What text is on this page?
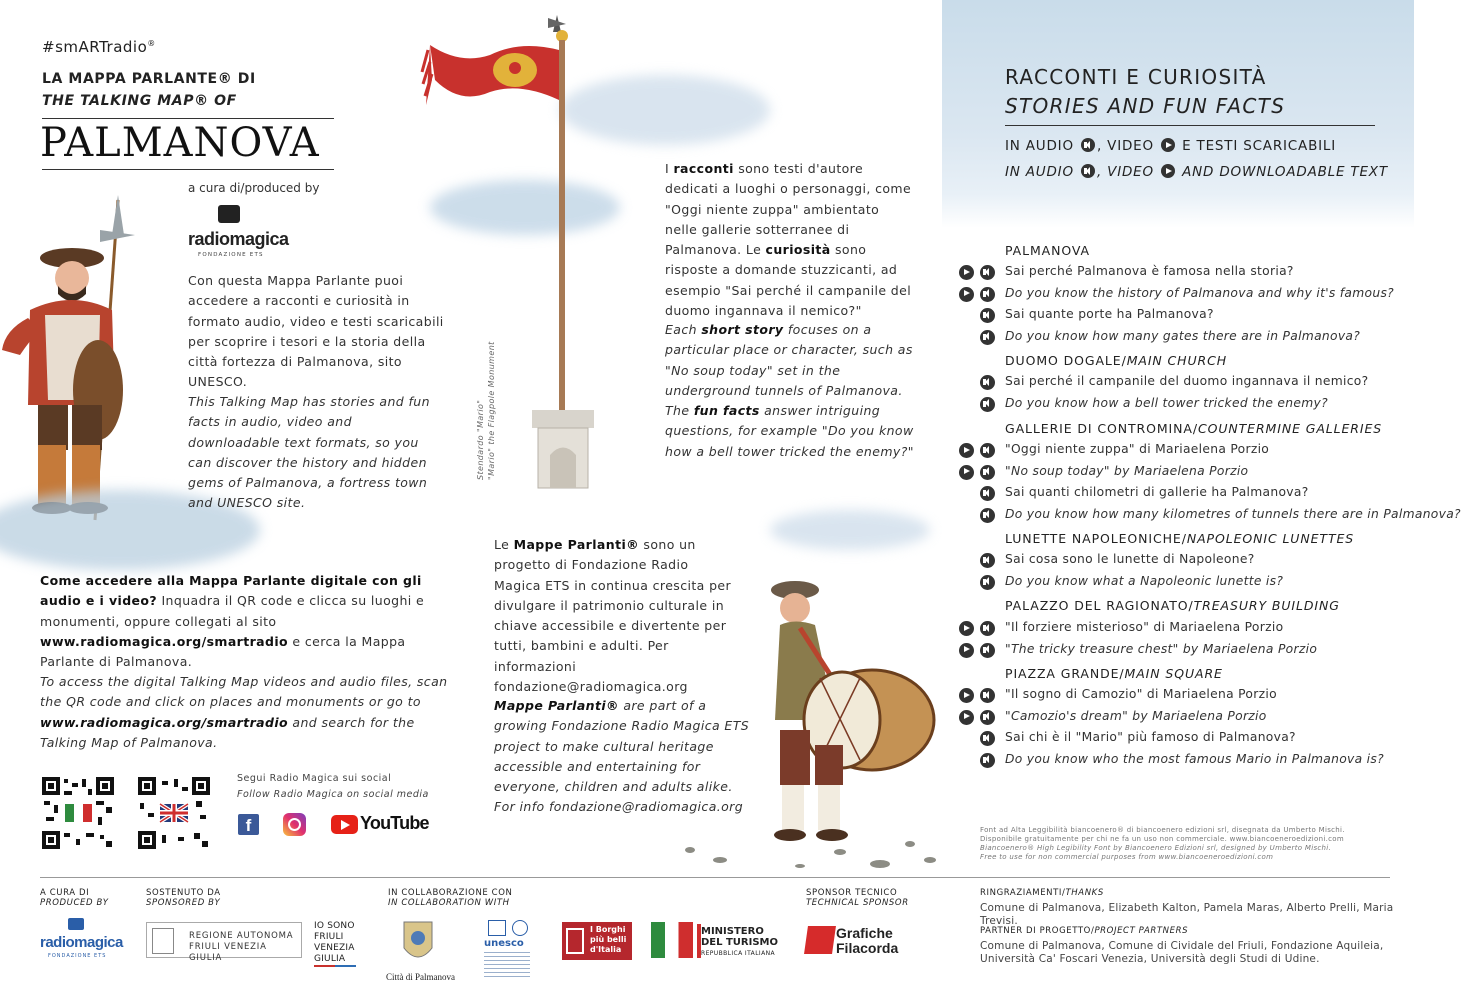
#smARTradio®
LA MAPPA PARLANTE® DI
THE TALKING MAP® OF
PALMANOVA
a cura di/produced by
radiomagica
FONDAZIONE ETS
Con questa Mappa Parlante puoi accedere a racconti e curiosità in formato audio, video e testi scaricabili per scoprire i tesori e la storia della città fortezza di Palmanova, sito UNESCO.
This Talking Map has stories and fun facts in audio, video and downloadable text formats, so you can discover the history and hidden gems of Palmanova, a fortress town and UNESCO site.
Come accedere alla Mappa Parlante digitale con gli audio e i video? Inquadra il QR code e clicca su luoghi e monumenti, oppure collegati al sito www.radiomagica.org/smartradio e cerca la Mappa Parlante di Palmanova.
To access the digital Talking Map videos and audio files, scan the QR code and click on places and monuments or go to www.radiomagica.org/smartradio and search for the Talking Map of Palmanova.
Segui Radio Magica sui social
Follow Radio Magica on social media
f	YouTube
Stendardo "Mario" "Mario" the Flagpole Monument
I racconti sono testi d'autore dedicati a luoghi o personaggi, come "Oggi niente zuppa" ambientato nelle gallerie sotterranee di Palmanova. Le curiosità sono risposte a domande stuzzicanti, ad esempio "Sai perché il campanile del duomo ingannava il nemico?"
Each short story focuses on a particular place or character, such as "No soup today" set in the underground tunnels of Palmanova. The fun facts answer intriguing questions, for example "Do you know how a bell tower tricked the enemy?"
Le Mappe Parlanti® sono un progetto di Fondazione Radio Magica ETS in continua crescita per divulgare il patrimonio culturale in chiave accessibile e divertente per tutti, bambini e adulti. Per informazioni fondazione@radiomagica.org
Mappe Parlanti® are part of a growing Fondazione Radio Magica ETS project to make cultural heritage accessible and entertaining for everyone, children and adults alike. For info fondazione@radiomagica.org
RACCONTI E CURIOSITÀ
STORIES AND FUN FACTS
IN AUDIO , VIDEO E TESTI SCARICABILI
IN AUDIO , VIDEO AND DOWNLOADABLE TEXT
PALMANOVA
Sai perché Palmanova è famosa nella storia?
Do you know the history of Palmanova and why it's famous?
Sai quante porte ha Palmanova?
Do you know how many gates there are in Palmanova?
DUOMO DOGALE/MAIN CHURCH
Sai perché il campanile del duomo ingannava il nemico?
Do you know how a bell tower tricked the enemy?
GALLERIE DI CONTROMINA/COUNTERMINE GALLERIES
"Oggi niente zuppa" di Mariaelena Porzio
"No soup today" by Mariaelena Porzio
Sai quanti chilometri di gallerie ha Palmanova?
Do you know how many kilometres of tunnels there are in Palmanova?
LUNETTE NAPOLEONICHE/NAPOLEONIC LUNETTES
Sai cosa sono le lunette di Napoleone?
Do you know what a Napoleonic lunette is?
PALAZZO DEL RAGIONATO/TREASURY BUILDING
"Il forziere misterioso" di Mariaelena Porzio
"The tricky treasure chest" by Mariaelena Porzio
PIAZZA GRANDE/MAIN SQUARE
"Il sogno di Camozio" di Mariaelena Porzio
"Camozio's dream" by Mariaelena Porzio
Sai chi è il "Mario" più famoso di Palmanova?
Do you know who the most famous Mario in Palmanova is?
Font ad Alta Leggibilità biancoenero® di biancoenero edizioni srl, disegnata da Umberto Mischi.
Disponibile gratuitamente per chi ne fa un uso non commerciale. www.biancoeneroedizioni.com
Biancoenero® High Legibility Font by Biancoenero Edizioni srl, designed by Umberto Mischi.
Free to use for non commercial purposes from www.biancoeneroedizioni.com
A CURA DI
PRODUCED BY
radiomagica
FONDAZIONE ETS
SOSTENUTO DA
SPONSORED BY
REGIONE AUTONOMA
FRIULI VENEZIA GIULIA
IO SONO
FRIULI
VENEZIA
GIULIA
IN COLLABORAZIONE CON
IN COLLABORATION WITH
Città di Palmanova
unesco
I Borghi
più belli
d'Italia
MINISTERO
DEL TURISMO
REPUBBLICA ITALIANA
SPONSOR TECNICO
TECHNICAL SPONSOR
Grafiche
Filacorda
RINGRAZIAMENTI/THANKS
Comune di Palmanova, Elizabeth Kalton, Pamela Maras, Alberto Prelli, Maria Trevisi.
PARTNER DI PROGETTO/PROJECT PARTNERS
Comune di Palmanova, Comune di Cividale del Friuli, Fondazione Aquileia,
Università Ca' Foscari Venezia, Università degli Studi di Udine.
